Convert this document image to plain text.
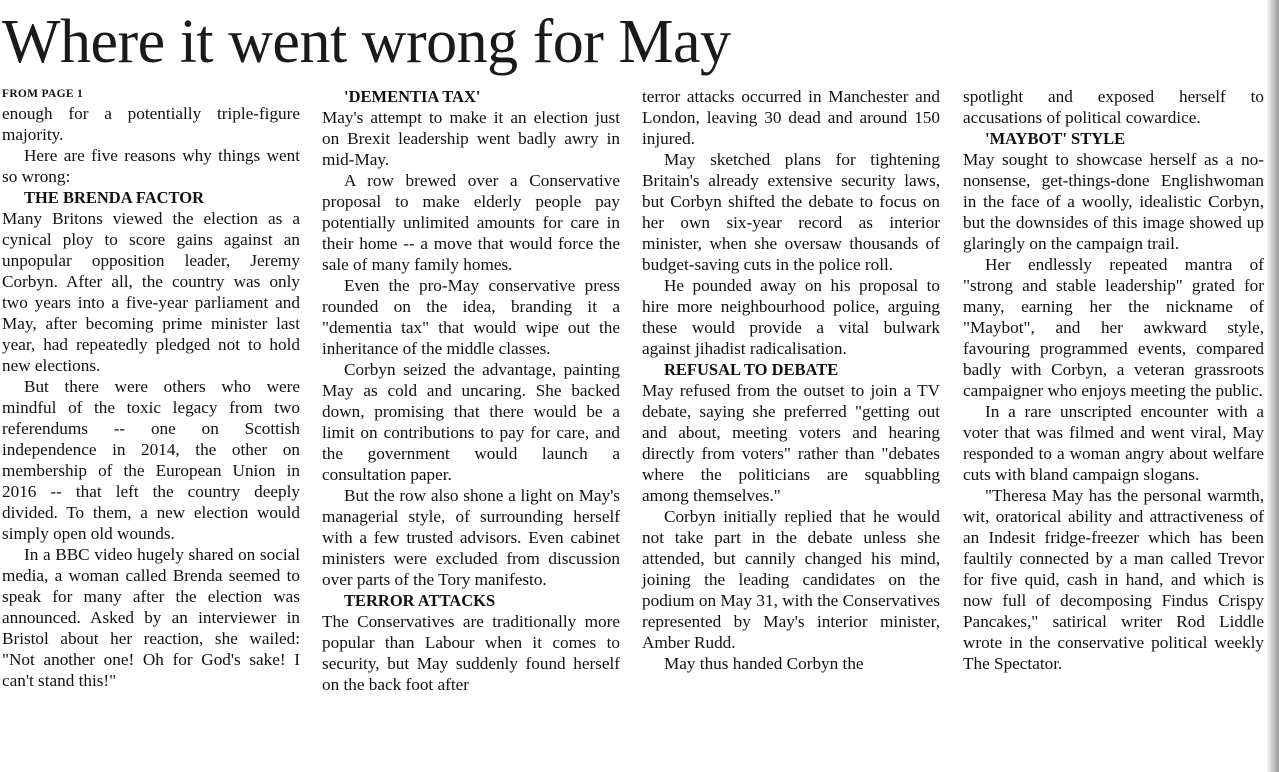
Where it went wrong for May
FROM PAGE 1

enough for a potentially triple-figure majority.

Here are five reasons why things went so wrong:

THE BRENDA FACTOR

Many Britons viewed the election as a cynical ploy to score gains against an unpopular opposition leader, Jeremy Corbyn. After all, the country was only two years into a five-year parliament and May, after becoming prime minister last year, had repeatedly pledged not to hold new elections.

But there were others who were mindful of the toxic legacy from two referendums -- one on Scottish independence in 2014, the other on membership of the European Union in 2016 -- that left the country deeply divided. To them, a new election would simply open old wounds.

In a BBC video hugely shared on social media, a woman called Brenda seemed to speak for many after the election was announced. Asked by an interviewer in Bristol about her reaction, she wailed: "Not another one! Oh for God's sake! I can't stand this!"

'DEMENTIA TAX'

May's attempt to make it an election just on Brexit leadership went badly awry in mid-May.

A row brewed over a Conservative proposal to make elderly people pay potentially unlimited amounts for care in their home -- a move that would force the sale of many family homes.

Even the pro-May conservative press rounded on the idea, branding it a "dementia tax" that would wipe out the inheritance of the middle classes.

Corbyn seized the advantage, painting May as cold and uncaring. She backed down, promising that there would be a limit on contributions to pay for care, and the government would launch a consultation paper.

But the row also shone a light on May's managerial style, of surrounding herself with a few trusted advisors. Even cabinet ministers were excluded from discussion over parts of the Tory manifesto.

TERROR ATTACKS

The Conservatives are traditionally more popular than Labour when it comes to security, but May suddenly found herself on the back foot after

terror attacks occurred in Manchester and London, leaving 30 dead and around 150 injured.

May sketched plans for tightening Britain's already extensive security laws, but Corbyn shifted the debate to focus on her own six-year record as interior minister, when she oversaw thousands of budget-saving cuts in the police roll.

He pounded away on his proposal to hire more neighbourhood police, arguing these would provide a vital bulwark against jihadist radicalisation.

REFUSAL TO DEBATE

May refused from the outset to join a TV debate, saying she preferred "getting out and about, meeting voters and hearing directly from voters" rather than "debates where the politicians are squabbling among themselves."

Corbyn initially replied that he would not take part in the debate unless she attended, but cannily changed his mind, joining the leading candidates on the podium on May 31, with the Conservatives represented by May's interior minister, Amber Rudd.

May thus handed Corbyn the

spotlight and exposed herself to accusations of political cowardice.

'MAYBOT' STYLE

May sought to showcase herself as a no-nonsense, get-things-done Englishwoman in the face of a woolly, idealistic Corbyn, but the downsides of this image showed up glaringly on the campaign trail.

Her endlessly repeated mantra of "strong and stable leadership" grated for many, earning her the nickname of "Maybot", and her awkward style, favouring programmed events, compared badly with Corbyn, a veteran grassroots campaigner who enjoys meeting the public.

In a rare unscripted encounter with a voter that was filmed and went viral, May responded to a woman angry about welfare cuts with bland campaign slogans.

"Theresa May has the personal warmth, wit, oratorical ability and attractiveness of an Indesit fridge-freezer which has been faultily connected by a man called Trevor for five quid, cash in hand, and which is now full of decomposing Findus Crispy Pancakes," satirical writer Rod Liddle wrote in the conservative political weekly The Spectator.
